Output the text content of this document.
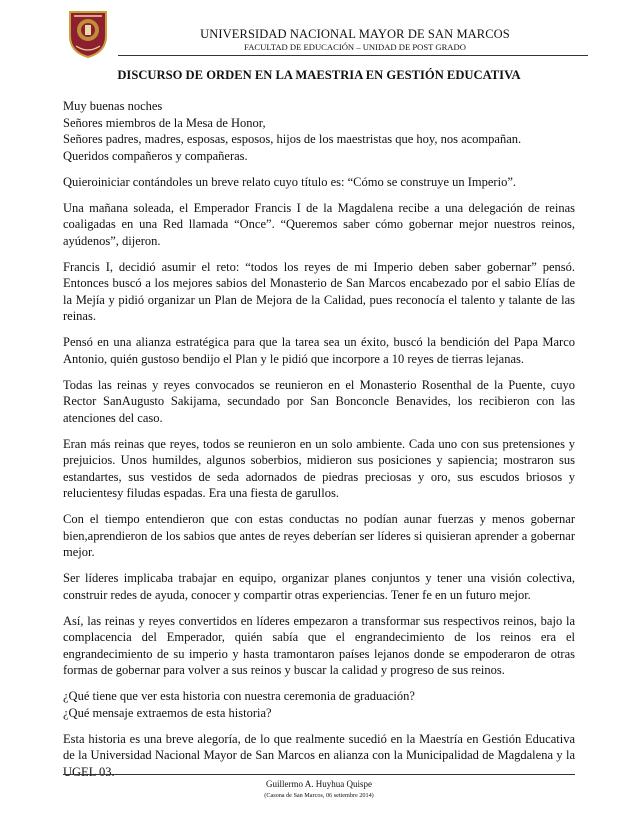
UNIVERSIDAD NACIONAL MAYOR DE SAN MARCOS
FACULTAD DE EDUCACIÓN – UNIDAD DE POST GRADO
DISCURSO DE ORDEN EN LA MAESTRIA EN GESTIÓN EDUCATIVA

Muy buenas noches
Señores miembros de la Mesa de Honor,
Señores padres, madres, esposas, esposos, hijos de los maestristas que hoy, nos acompañan.
Queridos compañeros y compañeras.

Quieroiniciar contándoles un breve relato cuyo título es: “Cómo se construye un Imperio”.

Una mañana soleada, el Emperador Francis I de la Magdalena recibe a una delegación de reinas coaligadas en una Red llamada “Once”. “Queremos saber cómo gobernar mejor nuestros reinos, ayúdenos”, dijeron.

Francis I, decidió asumir el reto: “todos los reyes de mi Imperio deben saber gobernar” pensó. Entonces buscó a los mejores sabios del Monasterio de San Marcos encabezado por el sabio Elías de la Mejía y pidió organizar un Plan de Mejora de la Calidad, pues reconocía el talento y talante de las reinas.

Pensó en una alianza estratégica para que la tarea sea un éxito, buscó la bendición del Papa Marco Antonio, quién gustoso bendijo el Plan y le pidió que incorpore a 10 reyes de tierras lejanas.

Todas las reinas y reyes convocados se reunieron en el Monasterio Rosenthal de la Puente, cuyo Rector SanAugusto Sakijama, secundado por San Bonconcle Benavides, los recibieron con las atenciones del caso.

Eran más reinas que reyes, todos se reunieron en un solo ambiente. Cada uno con sus pretensiones y prejuicios. Unos humildes, algunos soberbios, midieron sus posiciones y sapiencia; mostraron sus estandartes, sus vestidos de seda adornados de piedras preciosas y oro, sus escudos briosos y relucientesy filudas espadas. Era una fiesta de garullos.

Con el tiempo entendieron que con estas conductas no podían aunar fuerzas y menos gobernar bien,aprendieron de los sabios que antes de reyes deberían ser líderes si quisieran aprender a gobernar mejor.

Ser líderes implicaba trabajar en equipo, organizar planes conjuntos y tener una visión colectiva, construir redes de ayuda, conocer y compartir otras experiencias. Tener fe en un futuro mejor.

Así, las reinas y reyes convertidos en líderes empezaron a transformar sus respectivos reinos, bajo la complacencia del Emperador, quién sabía que el engrandecimiento de los reinos era el engrandecimiento de su imperio y hasta tramontaron países lejanos donde se empoderaron de otras formas de gobernar para volver a sus reinos y buscar la calidad y progreso de sus reinos.

¿Qué tiene que ver esta historia con nuestra ceremonia de graduación?
¿Qué mensaje extraemos de esta historia?

Esta historia es una breve alegoría, de lo que realmente sucedió en la Maestría en Gestión Educativa de la Universidad Nacional Mayor de San Marcos en alianza con la Municipalidad de Magdalena y la UGEL 03.

Guillermo A. Huyhua Quispe
(Casona de San Marcos, 06 setiembre 2014)
